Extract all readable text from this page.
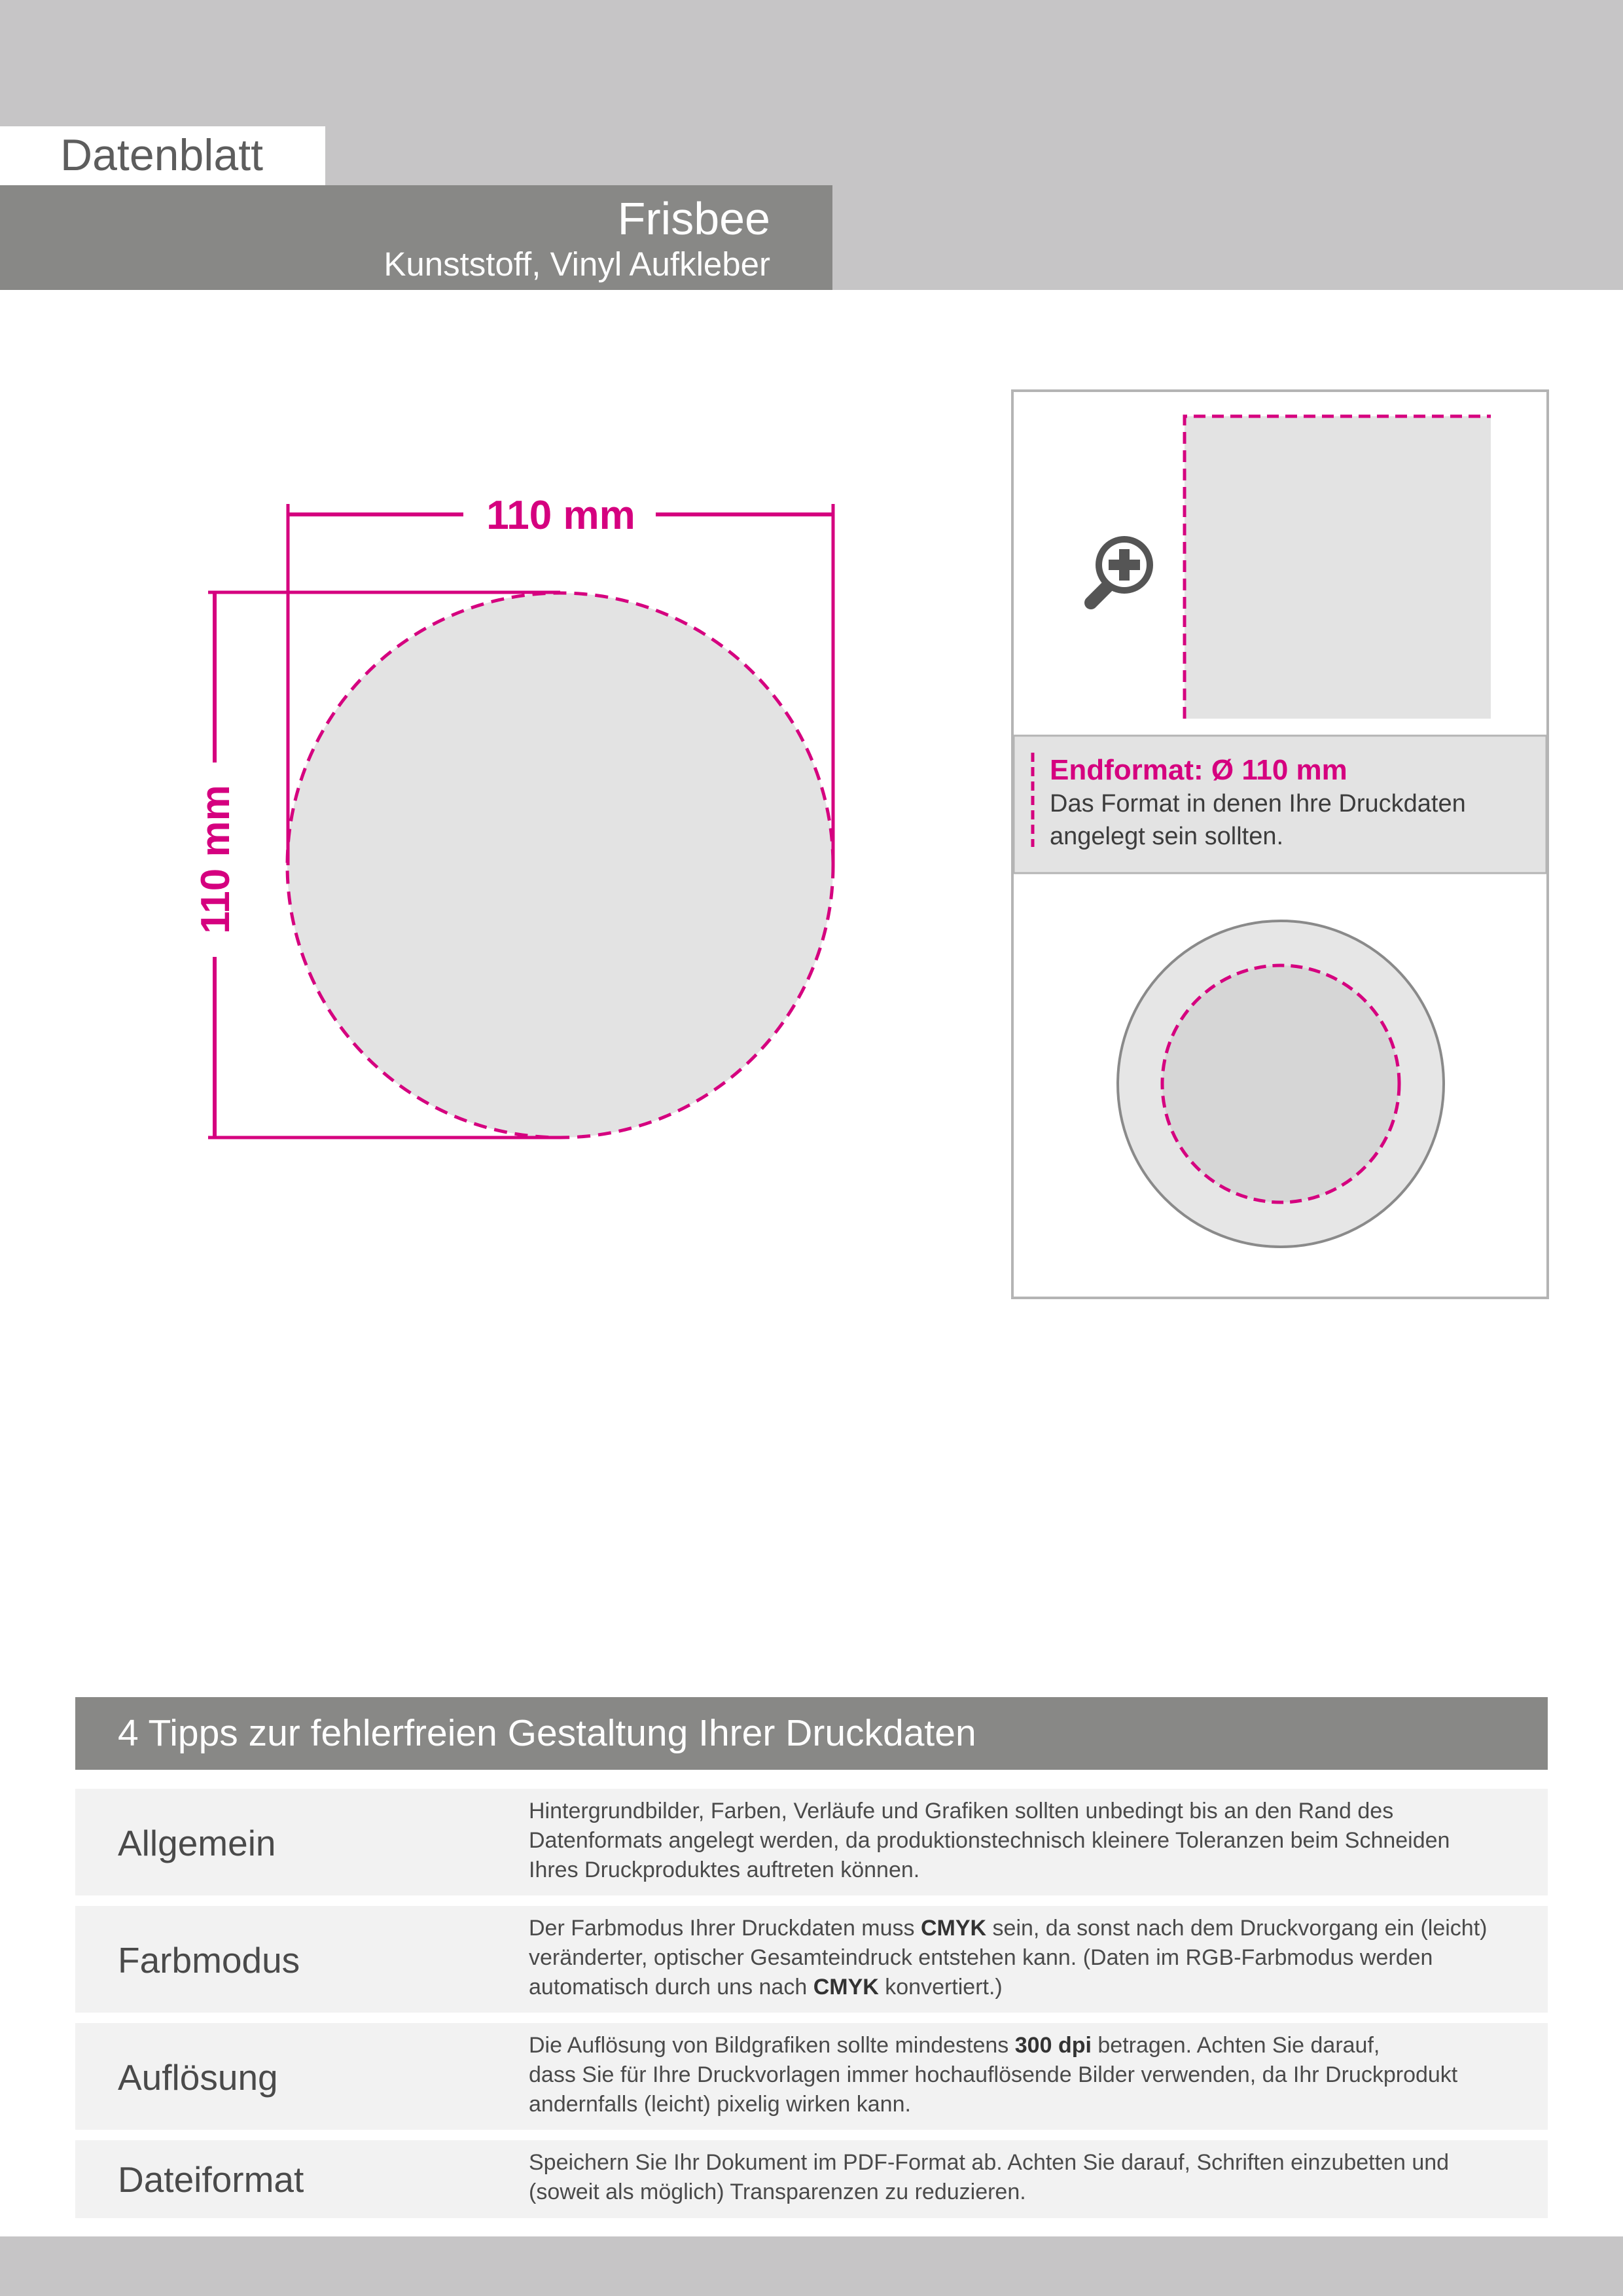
Datenblatt
Frisbee
Kunststoff, Vinyl Aufkleber
110 mm
110 mm
Endformat: Ø 110 mm
Das Format in denen Ihre Druckdaten
angelegt sein sollten.
4 Tipps zur fehlerfreien Gestaltung Ihrer Druckdaten
Allgemein
Hintergrundbilder, Farben, Verläufe und Grafiken sollten unbedingt bis an den Rand des
Datenformats angelegt werden, da produktionstechnisch kleinere Toleranzen beim Schneiden
Ihres Druckproduktes auftreten können.
Farbmodus
Der Farbmodus Ihrer Druckdaten muss CMYK sein, da sonst nach dem Druckvorgang ein (leicht)
veränderter, optischer Gesamteindruck entstehen kann. (Daten im RGB-Farbmodus werden
automatisch durch uns nach CMYK konvertiert.)
Auflösung
Die Auflösung von Bildgrafiken sollte mindestens 300 dpi betragen. Achten Sie darauf,
dass Sie für Ihre Druckvorlagen immer hochauflösende Bilder verwenden, da Ihr Druckprodukt
andernfalls (leicht) pixelig wirken kann.
Dateiformat	Speichern Sie Ihr Dokument im PDF-Format ab. Achten Sie darauf, Schriften einzubetten und
(soweit als möglich) Transparenzen zu reduzieren.
